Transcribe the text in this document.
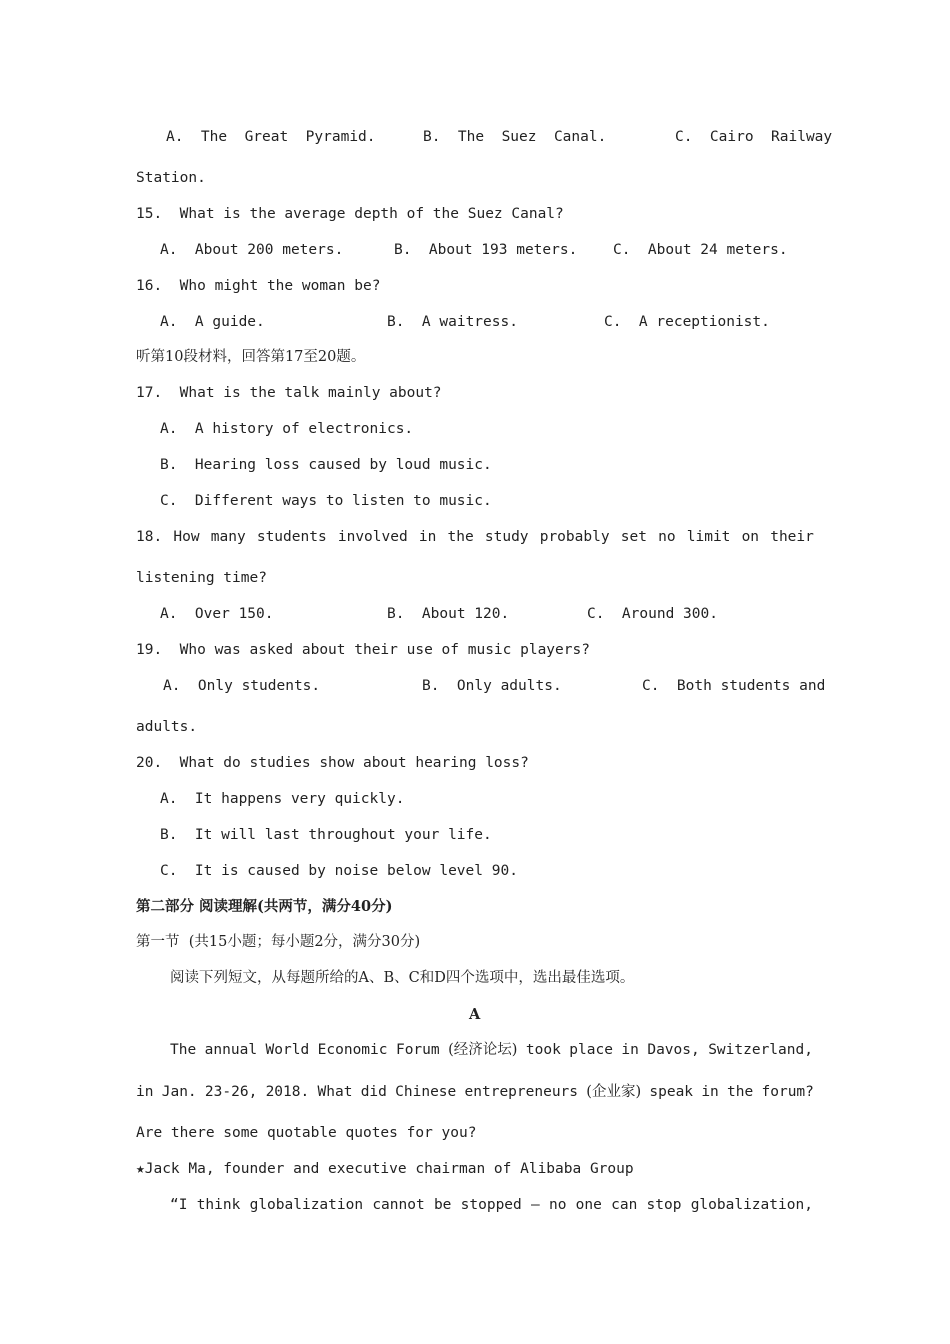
A.  The  Great  Pyramid.	B.  The  Suez  Canal.	C.  Cairo  Railway
Station.
15.  What is the average depth of the Suez Canal?
A.  About 200 meters.	B.  About 193 meters. C.  About 24 meters.
16.  Who might the woman be?
A.  A guide.	B.  A waitress.	C.  A receptionist.
听第10段材料，回答第17至20题。
17.  What is the talk mainly about?
A.  A history of electronics.
B.  Hearing loss caused by loud music.
C.  Different ways to listen to music.
18. How many students involved in the study probably set no limit on their
listening time?
A.  Over 150.	B.  About 120.	C.  Around 300.
19.  Who was asked about their use of music players?
A.  Only students.	B.  Only adults.	C.  Both students and
adults.
20.  What do studies show about hearing loss?
A.  It happens very quickly.
B.  It will last throughout your life.
C.  It is caused by noise below level 90.
第二部分 阅读理解(共两节，满分40分)
第一节  (共15小题；每小题2分，满分30分)
阅读下列短文，从每题所给的A、B、C和D四个选项中，选出最佳选项。
A
The annual World Economic Forum (经济论坛) took place in Davos, Switzerland,
in Jan. 23-26, 2018. What did Chinese entrepreneurs (企业家) speak in the forum?
Are there some quotable quotes for you?
★Jack Ma, founder and executive chairman of Alibaba Group
“I think globalization cannot be stopped — no one can stop globalization,
